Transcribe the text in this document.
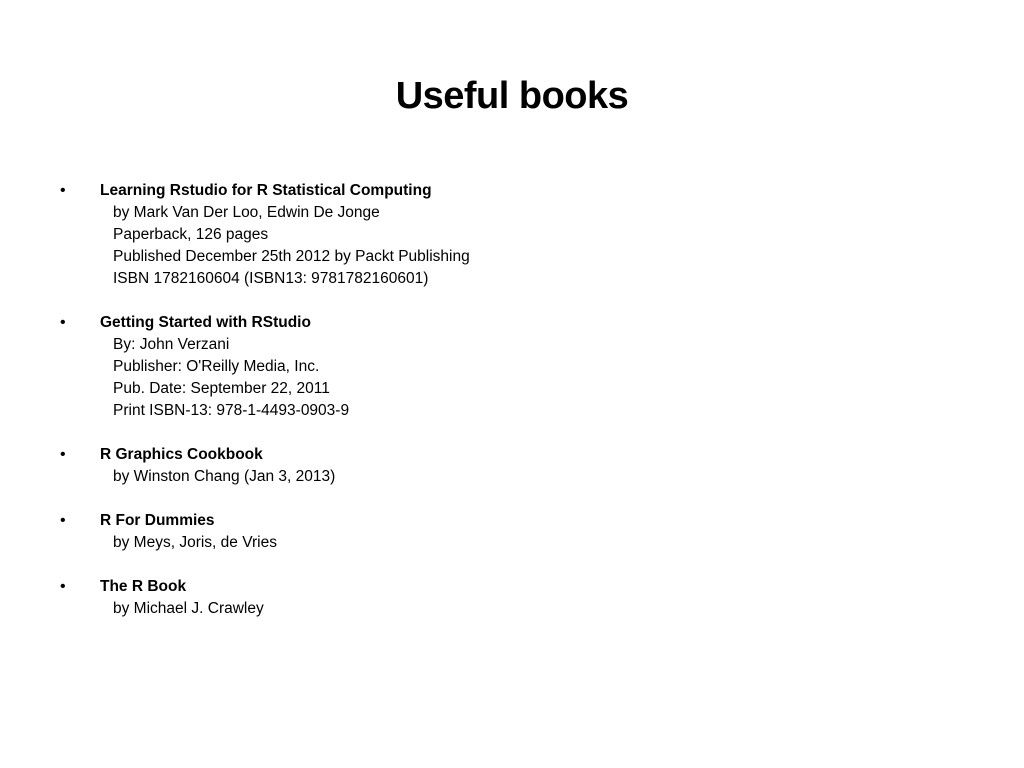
Useful books
• Learning Rstudio for R Statistical Computing
by Mark Van Der Loo, Edwin De Jonge
Paperback, 126 pages
Published December 25th 2012 by Packt Publishing
ISBN 1782160604 (ISBN13: 9781782160601)
• Getting Started with RStudio
By: John Verzani
Publisher: O'Reilly Media, Inc.
Pub. Date: September 22, 2011
Print ISBN-13: 978-1-4493-0903-9
• R Graphics Cookbook
by Winston Chang (Jan 3, 2013)
• R For Dummies
by Meys, Joris, de Vries
• The R Book
by Michael J. Crawley
